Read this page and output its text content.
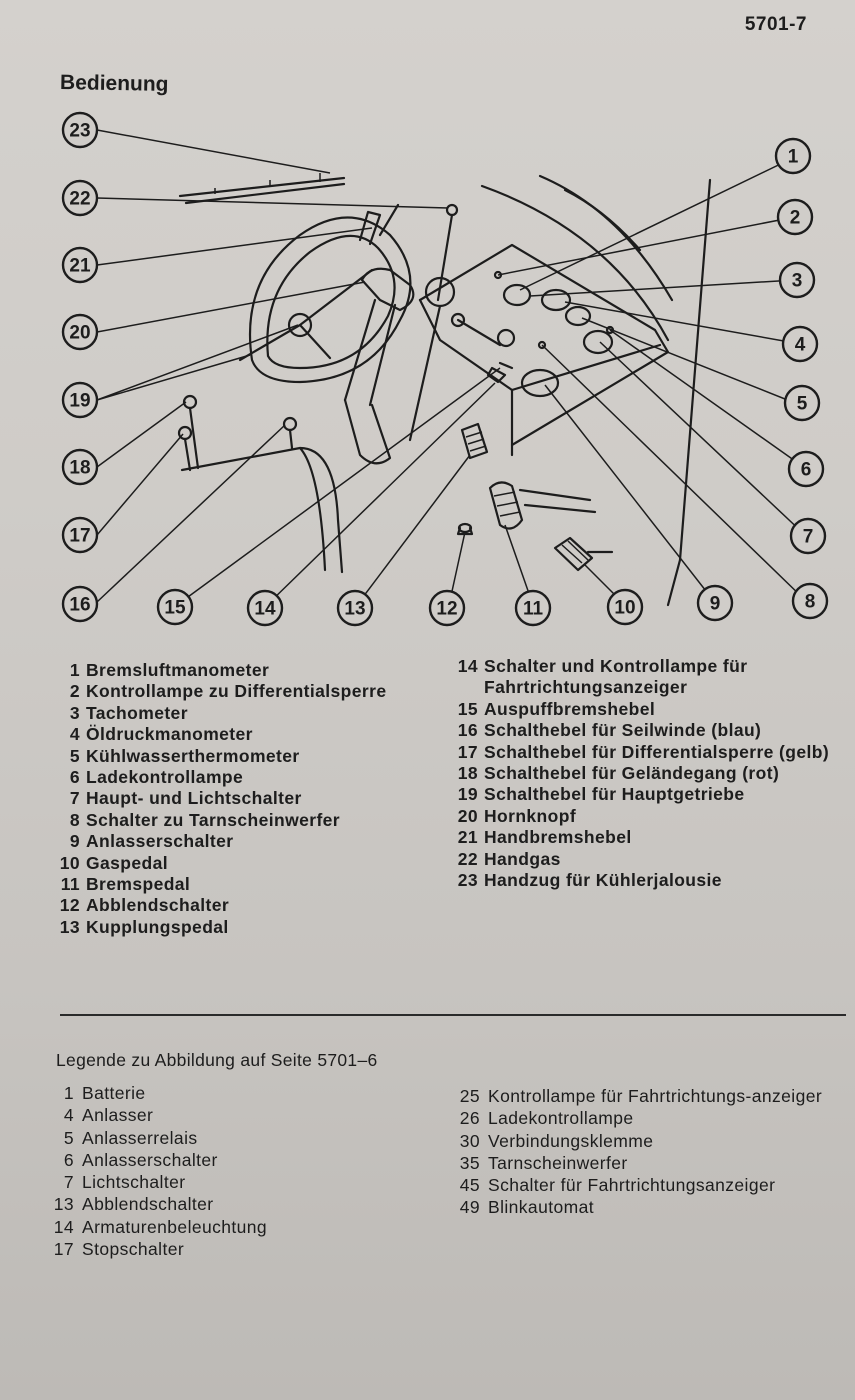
5701-7
Bedienung
23
22
21
20
19
18
17
16	15	14	13	12	11	10	9	8
7
6
5
4
3
2
1
1 Bremsluftmanometer
2 Kontrollampe zu Differentialsperre
3 Tachometer
4 Öldruckmanometer
5 Kühlwasserthermometer
6 Ladekontrollampe
7 Haupt- und Lichtschalter
8 Schalter zu Tarnscheinwerfer
9 Anlasserschalter
10 Gaspedal
11 Bremspedal
12 Abblendschalter
13 Kupplungspedal
14 Schalter und Kontrollampe für Fahrtrichtungsanzeiger
15 Auspuffbremshebel
16 Schalthebel für Seilwinde (blau)
17 Schalthebel für Differentialsperre (gelb)
18 Schalthebel für Geländegang (rot)
19 Schalthebel für Hauptgetriebe
20 Hornknopf
21 Handbremshebel
22 Handgas
23 Handzug für Kühlerjalousie
Legende zu Abbildung auf Seite 5701–6
1 Batterie
4 Anlasser
5 Anlasserrelais
6 Anlasserschalter
7 Lichtschalter
13 Abblendschalter
14 Armaturenbeleuchtung
17 Stopschalter
25 Kontrollampe für Fahrtrichtungs-anzeiger
26 Ladekontrollampe
30 Verbindungsklemme
35 Tarnscheinwerfer
45 Schalter für Fahrtrichtungsanzeiger
49 Blinkautomat
